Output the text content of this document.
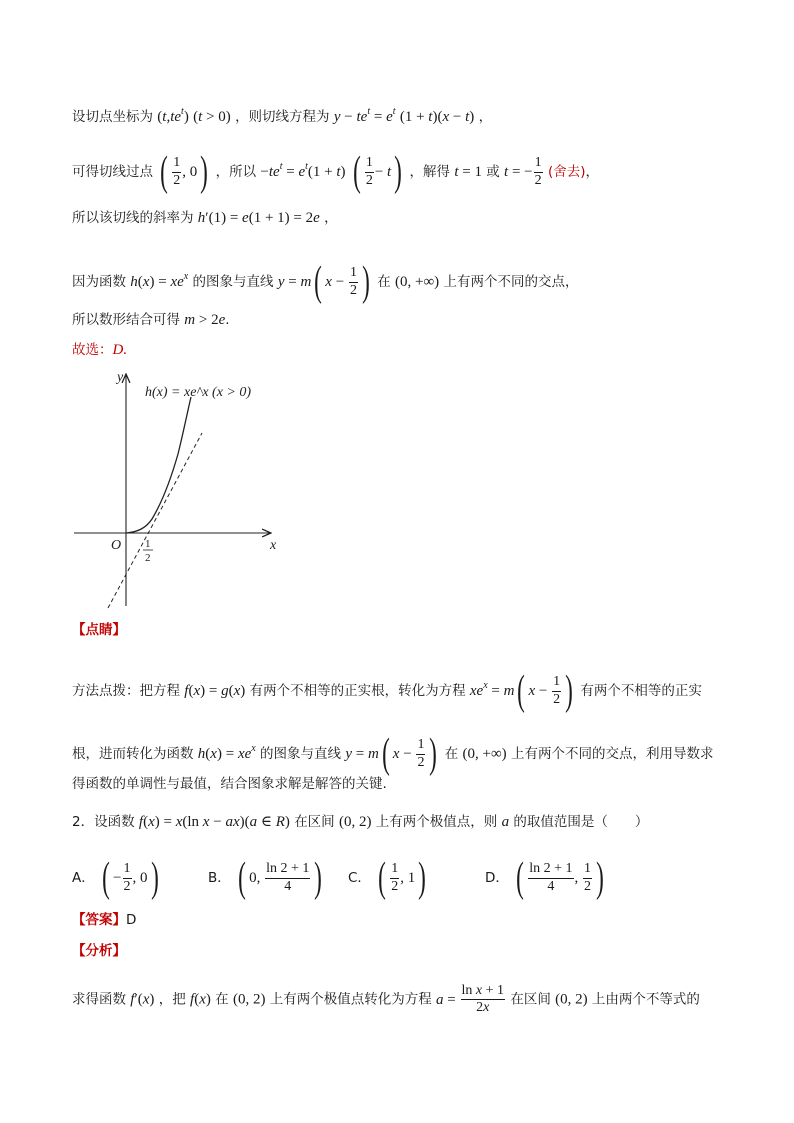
设切点坐标为 $(t,te^t) (t > 0)$ ，则切线方程为 $y - te^t = e^t$ (1 + t)(x − t) ，
可得切线过点 ( $\frac{1}{2}$ , 0) ，所以 $-te^t = e^t(1 + t)$ ( $\frac{1}{2} - t$) ，解得 t = 1 或 t = − $\frac{1}{2}$ (舍去)，
所以该切线的斜率为 h′(1) = e(1 + 1) = 2e ，
因为函数 $h(x) = xe^x$ 的图象与直线 y = m( $x - \frac{1}{2}$ ) 在 (0, +∞) 上有两个不同的交点，
所以数形结合可得 m > 2e.
故选：D.
h(x) = xe^x (x > 0)
O	x
y
1
2
【点睛】
方法点拨：把方程 f(x) = g(x) 有两个不相等的正实根，转化为方程 $xe^x = m$( $x - \frac{1}{2}$ ) 有两个不相等的正实
根，进而转化为函数 $h(x) = xe^x$ 的图象与直线 y = m( $x - \frac{1}{2}$ ) 在 (0, +∞) 上有两个不同的交点，利用导数求
得函数的单调性与最值，结合图象求解是解答的关键.
2．设函数 f(x) = x(ln x − ax)(a ∈ R) 在区间 (0, 2) 上有两个极值点，则 a 的取值范围是（　　）
A． ( − $\frac{1}{2}$ , 0)	B． ( 0, $\frac{\ln 2 + 1}{4}$ ) C． ( $\frac{1}{2}$ , 1)	D． ( $\frac{\ln 2 + 1}{4}$ , $\frac{1}{2}$ )
【答案】D
【分析】
求得函数 f′(x) ，把 f(x) 在 (0, 2) 上有两个极值点转化为方程 $a = \frac{\text{ln x + 1}}{2x}$ 在区间 (0, 2) 上由两个不等式的
